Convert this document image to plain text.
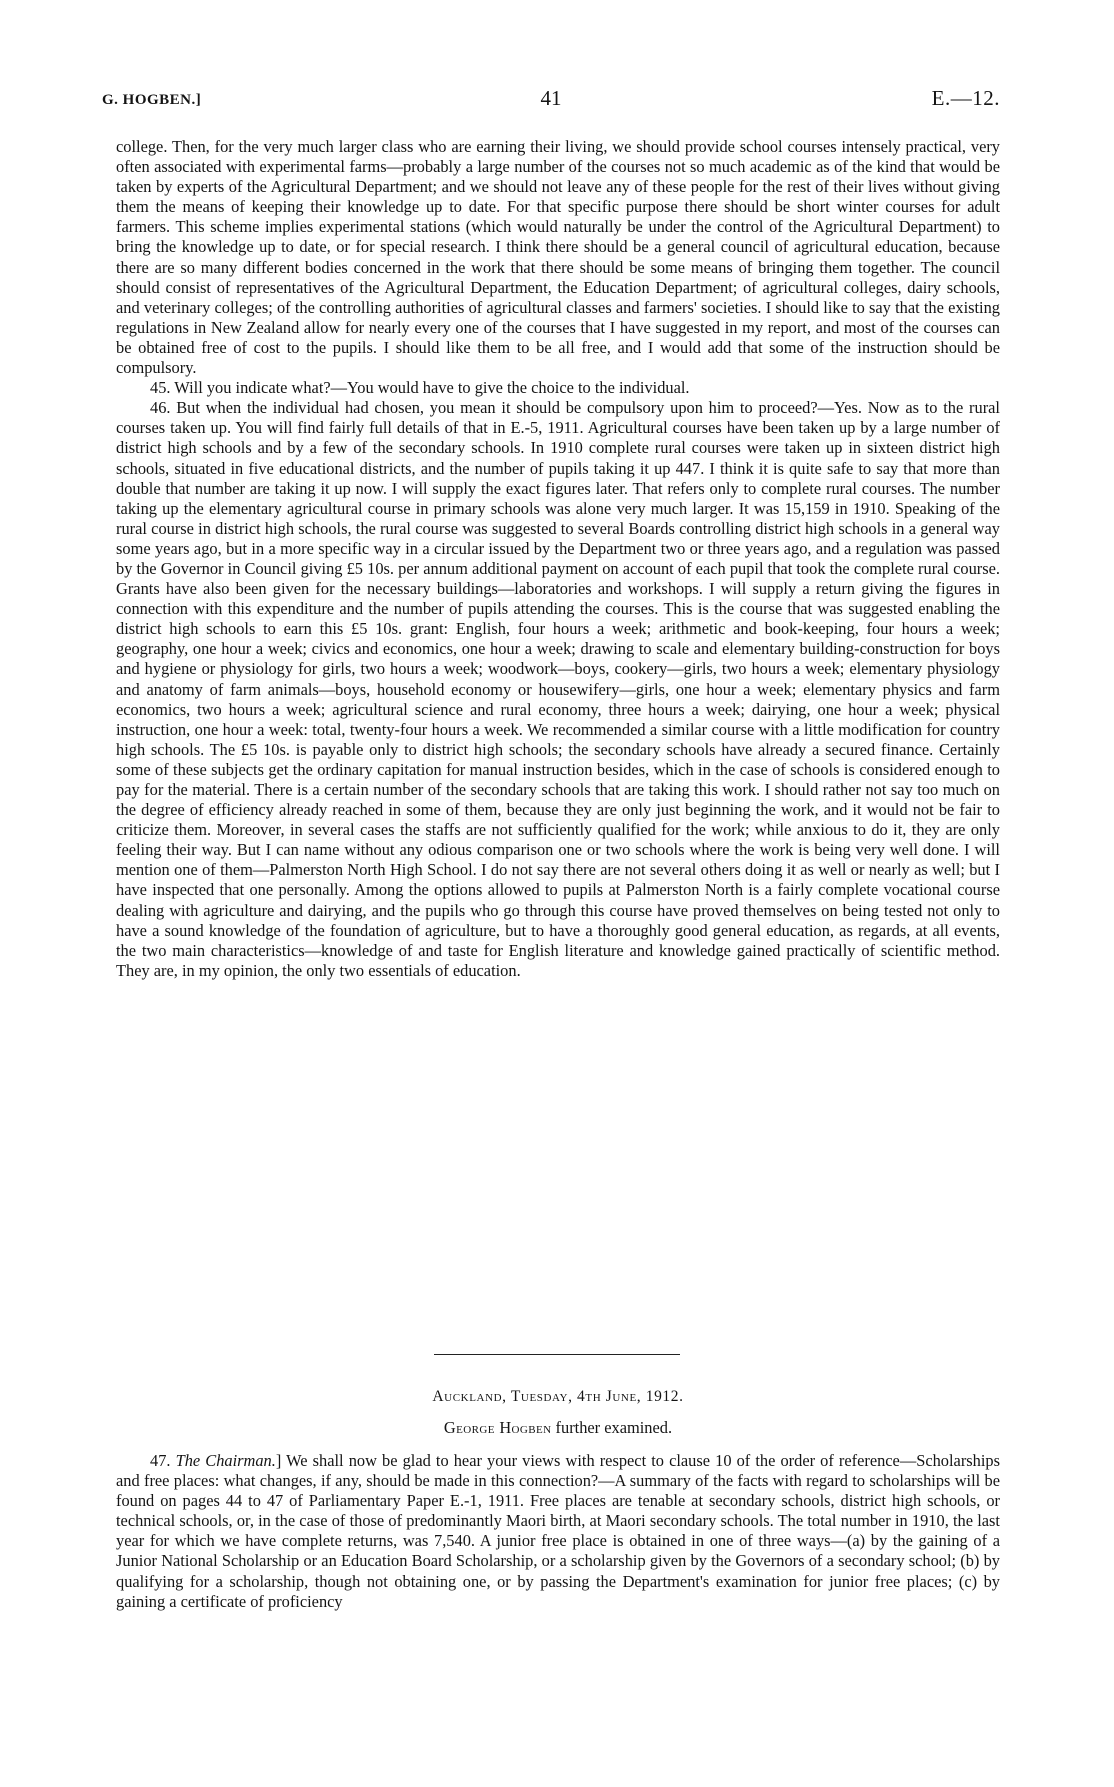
G. HOGBEN.]	41	E.—12.

college. Then, for the very much larger class who are earning their living, we should provide school courses intensely practical, very often associated with experimental farms—probably a large number of the courses not so much academic as of the kind that would be taken by experts of the Agricultural Department; and we should not leave any of these people for the rest of their lives without giving them the means of keeping their knowledge up to date. For that specific purpose there should be short winter courses for adult farmers. This scheme implies experimental stations (which would naturally be under the control of the Agricultural Department) to bring the knowledge up to date, or for special research. I think there should be a general council of agricultural education, because there are so many different bodies concerned in the work that there should be some means of bringing them together. The council should consist of representatives of the Agricultural Department, the Education Department; of agricultural colleges, dairy schools, and veterinary colleges; of the controlling authorities of agricultural classes and farmers' societies. I should like to say that the existing regulations in New Zealand allow for nearly every one of the courses that I have suggested in my report, and most of the courses can be obtained free of cost to the pupils. I should like them to be all free, and I would add that some of the instruction should be compulsory.

45. Will you indicate what?—You would have to give the choice to the individual.

46. But when the individual had chosen, you mean it should be compulsory upon him to proceed?—Yes. Now as to the rural courses taken up. You will find fairly full details of that in E.-5, 1911. Agricultural courses have been taken up by a large number of district high schools and by a few of the secondary schools. In 1910 complete rural courses were taken up in sixteen district high schools, situated in five educational districts, and the number of pupils taking it up 447. I think it is quite safe to say that more than double that number are taking it up now. I will supply the exact figures later. That refers only to complete rural courses. The number taking up the elementary agricultural course in primary schools was alone very much larger. It was 15,159 in 1910. Speaking of the rural course in district high schools, the rural course was suggested to several Boards controlling district high schools in a general way some years ago, but in a more specific way in a circular issued by the Department two or three years ago, and a regulation was passed by the Governor in Council giving £5 10s. per annum additional payment on account of each pupil that took the complete rural course. Grants have also been given for the necessary buildings—laboratories and workshops. I will supply a return giving the figures in connection with this expenditure and the number of pupils attending the courses. This is the course that was suggested enabling the district high schools to earn this £5 10s. grant: English, four hours a week; arithmetic and book-keeping, four hours a week; geography, one hour a week; civics and economics, one hour a week; drawing to scale and elementary building-construction for boys and hygiene or physiology for girls, two hours a week; woodwork—boys, cookery—girls, two hours a week; elementary physiology and anatomy of farm animals—boys, household economy or housewifery—girls, one hour a week; elementary physics and farm economics, two hours a week; agricultural science and rural economy, three hours a week; dairying, one hour a week; physical instruction, one hour a week: total, twenty-four hours a week. We recommended a similar course with a little modification for country high schools. The £5 10s. is payable only to district high schools; the secondary schools have already a secured finance. Certainly some of these subjects get the ordinary capitation for manual instruction besides, which in the case of schools is considered enough to pay for the material. There is a certain number of the secondary schools that are taking this work. I should rather not say too much on the degree of efficiency already reached in some of them, because they are only just beginning the work, and it would not be fair to criticize them. Moreover, in several cases the staffs are not sufficiently qualified for the work; while anxious to do it, they are only feeling their way. But I can name without any odious comparison one or two schools where the work is being very well done. I will mention one of them—Palmerston North High School. I do not say there are not several others doing it as well or nearly as well; but I have inspected that one personally. Among the options allowed to pupils at Palmerston North is a fairly complete vocational course dealing with agriculture and dairying, and the pupils who go through this course have proved themselves on being tested not only to have a sound knowledge of the foundation of agriculture, but to have a thoroughly good general education, as regards, at all events, the two main characteristics—knowledge of and taste for English literature and knowledge gained practically of scientific method. They are, in my opinion, the only two essentials of education.

Auckland, Tuesday, 4th June, 1912.
George Hogben further examined.

47. The Chairman.] We shall now be glad to hear your views with respect to clause 10 of the order of reference—Scholarships and free places: what changes, if any, should be made in this connection?—A summary of the facts with regard to scholarships will be found on pages 44 to 47 of Parliamentary Paper E.-1, 1911. Free places are tenable at secondary schools, district high schools, or technical schools, or, in the case of those of predominantly Maori birth, at Maori secondary schools. The total number in 1910, the last year for which we have complete returns, was 7,540. A junior free place is obtained in one of three ways—(a) by the gaining of a Junior National Scholarship or an Education Board Scholarship, or a scholarship given by the Governors of a secondary school; (b) by qualifying for a scholarship, though not obtaining one, or by passing the Department's examination for junior free places; (c) by gaining a certificate of proficiency
